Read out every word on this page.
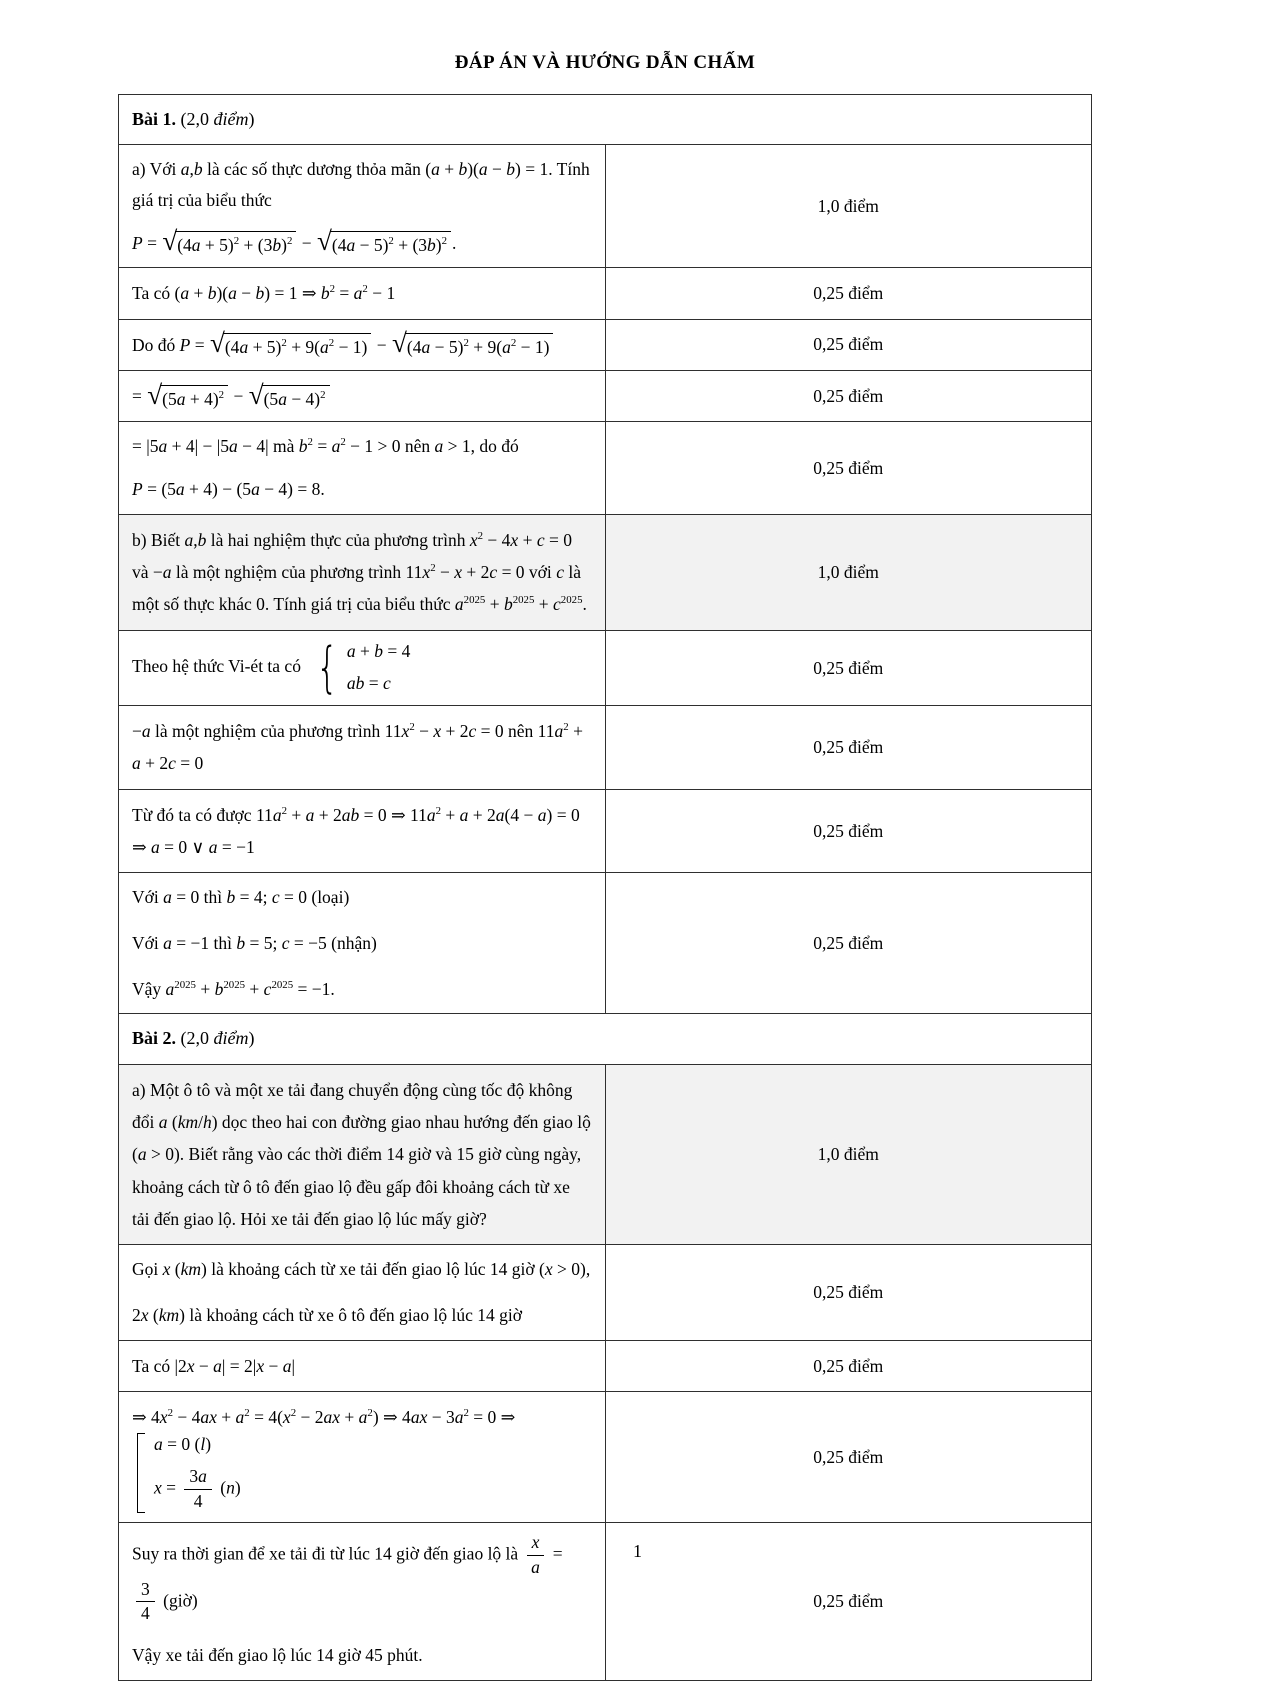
ĐÁP ÁN VÀ HƯỚNG DẪN CHẤM
Bài 1. (2,0 điểm)	

a) Với a,b là các số thực dương thỏa mãn (a + b)(a − b) = 1. Tính giá trị của biểu thức
P = √ $(4a + 5)^2 + (3b)^2$ − √ $(4a - 5)^2 + (3b)^2$ .
	1,0 điểm
Ta có (a + b)(a − b) = 1 ⇒ $b^2 = a^2 - 1$	0,25 điểm
Do đó P = √ $(4a + 5)^2 + 9(a^2 - 1)$ − √ $(4a - 5)^2 + 9(a^2 - 1)$	0,25 điểm
= √ $(5a + 4)^2$ − √ $(5a - 4)^2$	0,25 điểm

= |5a + 4| − |5a − 4| mà $b^2 = a^2 - 1 > 0$ nên a > 1, do đó
P = (5a + 4) − (5a − 4) = 8.	0,25 điểm
b) Biết a,b là hai nghiệm thực của phương trình $x^2 - 4x + c = 0$ và −a là một nghiệm của phương trình $11x^2 - x + 2c = 0$ với c là một số thực khác 0. Tính giá trị của biểu thức $a^{2025} + b^{2025} + c^{2025}$.	1,0 điểm
Theo hệ thức Vi-ét ta có { a + b = 4
ab = c	0,25 điểm
−a là một nghiệm của phương trình $11x^2 - x + 2c = 0$ nên $11a^2 + a + 2c = 0$	0,25 điểm
Từ đó ta có được $11a^2 + a + 2ab = 0$ ⇒ $11a^2 + a + 2a(4 - a) = 0$ ⇒ a = 0 ∨ a = −1	0,25 điểm

Với a = 0 thì b = 4; c = 0 (loại)
Với a = −1 thì b = 5; c = −5 (nhận)
Vậy $a^{2025} + b^{2025} + c^{2025} = -1$.	0,25 điểm
Bài 2. (2,0 điểm)	
a) Một ô tô và một xe tải đang chuyển động cùng tốc độ không đổi a (km/h) dọc theo hai con đường giao nhau hướng đến giao lộ (a > 0). Biết rằng vào các thời điểm 14 giờ và 15 giờ cùng ngày, khoảng cách từ ô tô đến giao lộ đều gấp đôi khoảng cách từ xe tải đến giao lộ. Hỏi xe tải đến giao lộ lúc mấy giờ?	1,0 điểm

Gọi x (km) là khoảng cách từ xe tải đến giao lộ lúc 14 giờ (x > 0),
2x (km) là khoảng cách từ xe ô tô đến giao lộ lúc 14 giờ	0,25 điểm
Ta có |2x − a| = 2|x − a|	0,25 điểm
⇒ $4x^2 - 4ax + a^2 = 4(x^2 - 2ax + a^2)$ ⇒ $4ax - 3a^2 = 0$ ⇒
a = 0 (l)
$x = \frac{3a}{4} (n)$
	0,25 điểm

Suy ra thời gian để xe tải đi từ lúc 14 giờ đến giao lộ là $\frac{x}{a}$ =
$\frac{3}{4}$ (giờ)
Vậy xe tải đến giao lộ lúc 14 giờ 45 phút.
	0,25 điểm
1
